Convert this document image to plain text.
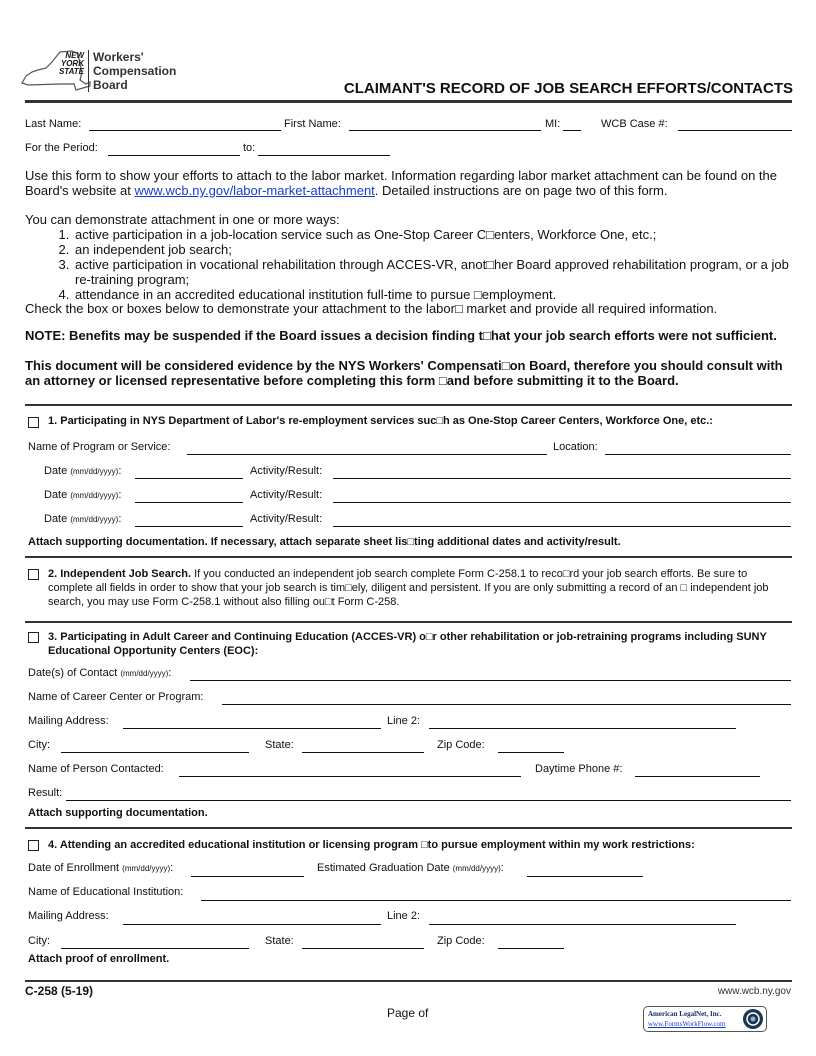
NEW
YORK
STATE
Workers'
Compensation
Board	CLAIMANT'S RECORD OF JOB SEARCH EFFORTS/CONTACTS
Last Name:	First Name:	MI:	WCB Case #:
For the Period:	to:
Use this form to show your efforts to attach to the labor market. Information regarding labor market attachment can be found on the Board's website at www.wcb.ny.gov/labor-market-attachment. Detailed instructions are on page two of this form.
You can demonstrate attachment in one or more ways:
1. active participation in a job-location service such as One-Stop Career C□enters, Workforce One, etc.;
2. an independent job search;
3. active participation in vocational rehabilitation through ACCES-VR, anot□her Board approved rehabilitation program, or a job re-training program;
4. attendance in an accredited educational institution full-time to pursue □employment.
Check the box or boxes below to demonstrate your attachment to the labor□ market and provide all required information.
NOTE: Benefits may be suspended if the Board issues a decision finding t□hat your job search efforts were not sufficient.
This document will be considered evidence by the NYS Workers' Compensati□on Board, therefore you should consult with an attorney or licensed representative before completing this form □and before submitting it to the Board.
1. Participating in NYS Department of Labor's re-employment services suc□h as One-Stop Career Centers, Workforce One, etc.:
Name of Program or Service:	Location:
Date (mm/dd/yyyy):	Activity/Result:
Date (mm/dd/yyyy):	Activity/Result:
Date (mm/dd/yyyy):	Activity/Result:
Attach supporting documentation. If necessary, attach separate sheet lis□ting additional dates and activity/result.
2. Independent Job Search. If you conducted an independent job search complete Form C-258.1 to reco□rd your job search efforts. Be sure to complete all fields in order to show that your job search is tim□ely, diligent and persistent. If you are only submitting a record of an □ independent job search, you may use Form C-258.1 without also filling ou□t Form C-258.
3. Participating in Adult Career and Continuing Education (ACCES-VR) o□r other rehabilitation or job-retraining programs including SUNY Educational Opportunity Centers (EOC):
Date(s) of Contact (mm/dd/yyyy):
Name of Career Center or Program:
Mailing Address:	Line 2:
City:	State:	Zip Code:
Name of Person Contacted:	Daytime Phone #:
Result:
Attach supporting documentation.
4. Attending an accredited educational institution or licensing program □to pursue employment within my work restrictions:
Date of Enrollment (mm/dd/yyyy):	Estimated Graduation Date (mm/dd/yyyy):
Name of Educational Institution:
Mailing Address:	Line 2:
City:	State:	Zip Code:
Attach proof of enrollment.
C-258 (5-19)	www.wcb.ny.gov
Page of	American LegalNet, Inc.
www.FormsWorkFlow.com
